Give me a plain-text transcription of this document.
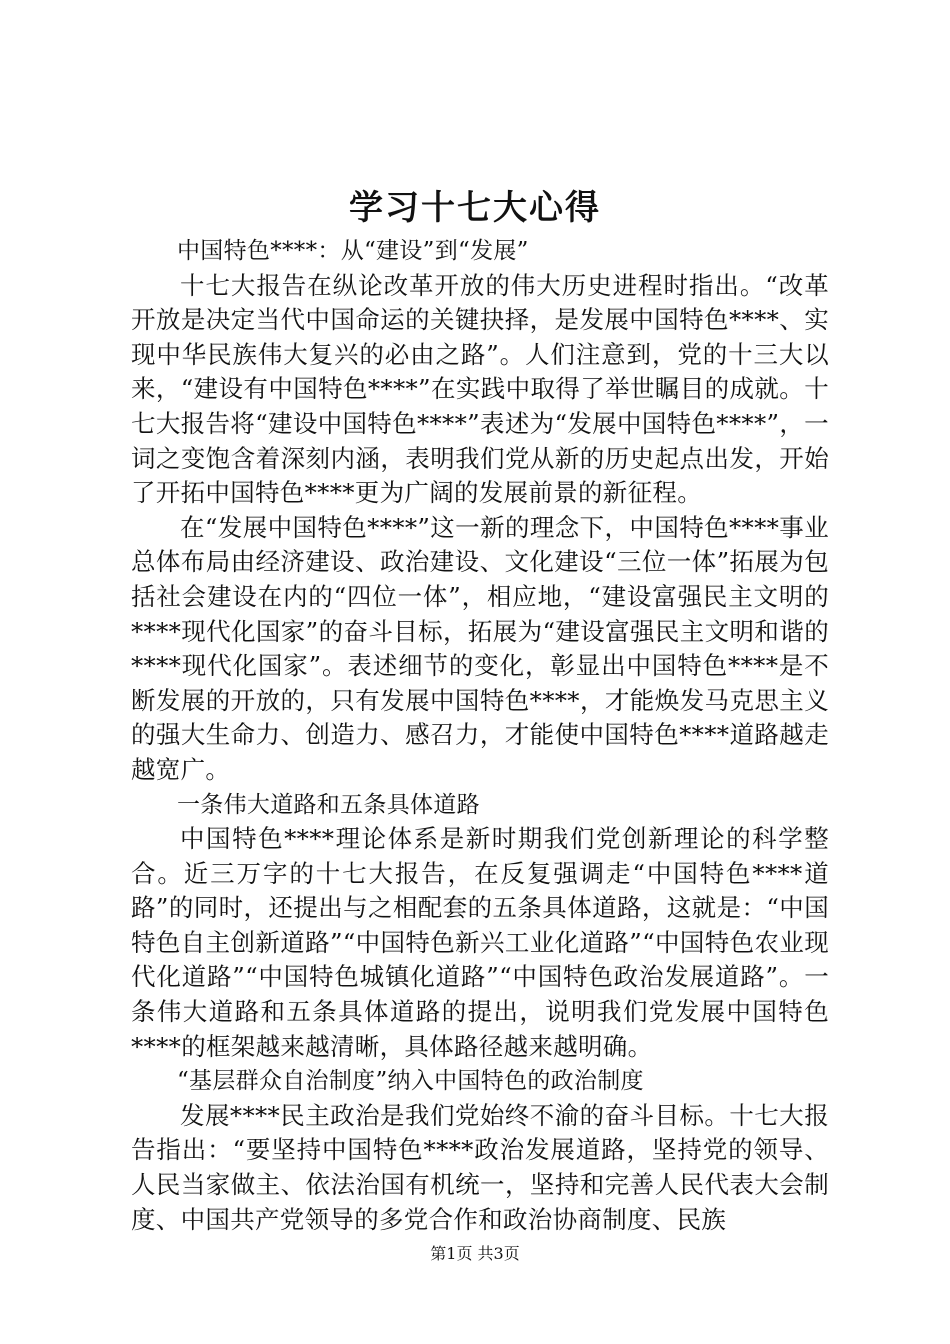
学习十七大心得

中国特色****：从“建设”到“发展”

十七大报告在纵论改革开放的伟大历史进程时指出。“改革开放是决定当代中国命运的关键抉择，是发展中国特色****、实现中华民族伟大复兴的必由之路”。人们注意到，党的十三大以来，“建设有中国特色****”在实践中取得了举世瞩目的成就。十七大报告将“建设中国特色****”表述为“发展中国特色****”，一词之变饱含着深刻内涵，表明我们党从新的历史起点出发，开始了开拓中国特色****更为广阔的发展前景的新征程。

在“发展中国特色****”这一新的理念下，中国特色****事业总体布局由经济建设、政治建设、文化建设“三位一体”拓展为包括社会建设在内的“四位一体”，相应地，“建设富强民主文明的****现代化国家”的奋斗目标，拓展为“建设富强民主文明和谐的****现代化国家”。表述细节的变化，彰显出中国特色****是不断发展的开放的，只有发展中国特色****，才能焕发马克思主义的强大生命力、创造力、感召力，才能使中国特色****道路越走越宽广。

一条伟大道路和五条具体道路

中国特色****理论体系是新时期我们党创新理论的科学整合。近三万字的十七大报告，在反复强调走“中国特色****道路”的同时，还提出与之相配套的五条具体道路，这就是：“中国特色自主创新道路”“中国特色新兴工业化道路”“中国特色农业现代化道路”“中国特色城镇化道路”“中国特色政治发展道路”。一条伟大道路和五条具体道路的提出，说明我们党发展中国特色****的框架越来越清晰，具体路径越来越明确。

“基层群众自治制度”纳入中国特色的政治制度

发展****民主政治是我们党始终不渝的奋斗目标。十七大报告指出：“要坚持中国特色****政治发展道路，坚持党的领导、人民当家做主、依法治国有机统一，坚持和完善人民代表大会制度、中国共产党领导的多党合作和政治协商制度、民族

第1页 共3页
